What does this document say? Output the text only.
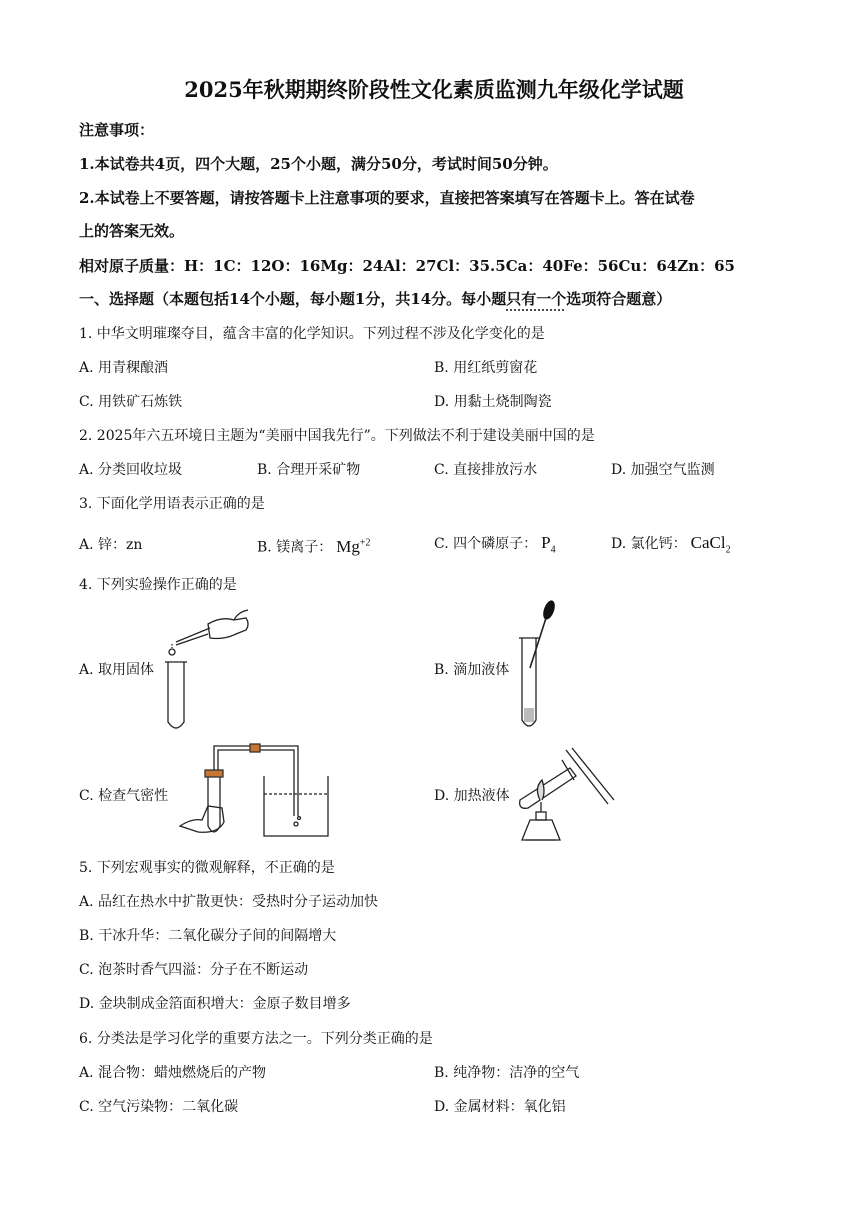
2025年秋期期终阶段性文化素质监测九年级化学试题
注意事项：
1.本试卷共4页，四个大题，25个小题，满分50分，考试时间50分钟。
2.本试卷上不要答题，请按答题卡上注意事项的要求，直接把答案填写在答题卡上。答在试卷
上的答案无效。
相对原子质量：H：1C：12O：16Mg：24Al：27Cl：35.5Ca：40Fe：56Cu：64Zn：65
一、选择题（本题包括14个小题，每小题1分，共14分。每小题只有一个选项符合题意）
1. 中华文明璀璨夺目，蕴含丰富的化学知识。下列过程不涉及化学变化的是
A. 用青稞酿酒	B. 用红纸剪窗花
C. 用铁矿石炼铁	D. 用黏土烧制陶瓷
2. 2025年六五环境日主题为“美丽中国我先行”。下列做法不利于建设美丽中国的是
A. 分类回收垃圾	B. 合理开采矿物	C. 直接排放污水	D. 加强空气监测
3. 下面化学用语表示正确的是
A. 锌：zn	B. 镁离子： $Mg^{+2}$	C. 四个磷原子： $P_4$	D. 氯化钙： CaCl$_2$
4. 下列实验操作正确的是
A. 取用固体	B. 滴加液体
C. 检查气密性	D. 加热液体
5. 下列宏观事实的微观解释，不正确的是
A. 品红在热水中扩散更快：受热时分子运动加快
B. 干冰升华：二氧化碳分子间的间隔增大
C. 泡茶时香气四溢：分子在不断运动
D. 金块制成金箔面积增大：金原子数目增多
6. 分类法是学习化学的重要方法之一。下列分类正确的是
A. 混合物：蜡烛燃烧后的产物	B. 纯净物：洁净的空气
C. 空气污染物：二氧化碳	D. 金属材料：氧化铝
